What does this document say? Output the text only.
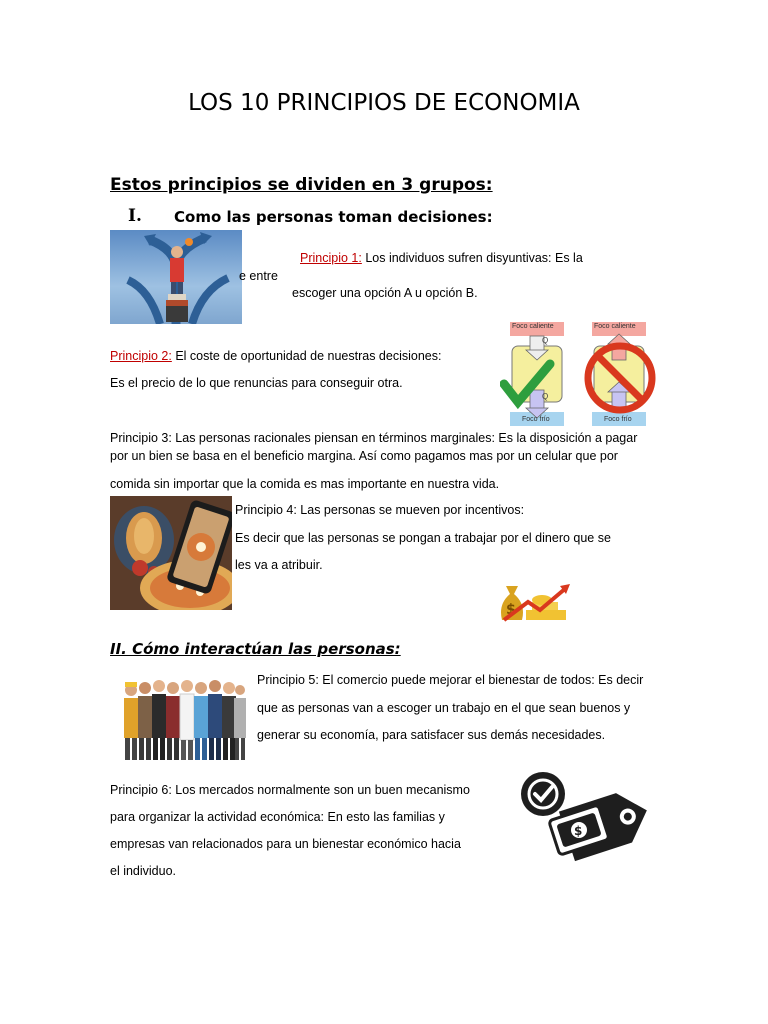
LOS 10 PRINCIPIOS DE ECONOMIA
Estos principios se dividen en 3 grupos:
I. Como las personas toman decisiones:
Principio 1: Los individuos sufren disyuntivas: Es la
e entre
escoger una opción A u opción B.
Principio 2: El coste de oportunidad de nuestras decisiones:
Es el precio de lo que renuncias para conseguir otra.
Foco caliente	Foco caliente
Foco frío	Foco frío
Q
Q
Principio 3: Las personas racionales piensan en términos marginales: Es la disposición a pagar
por un bien se basa en el beneficio margina. Así como pagamos mas por un celular que por
comida sin importar que la comida es mas importante en nuestra vida.
Principio 4: Las personas se mueven por incentivos:
Es decir que las personas se pongan a trabajar por el dinero que se
les va a atribuir.
$
II. Cómo interactúan las personas:
Principio 5: El comercio puede mejorar el bienestar de todos: Es decir
que as personas van a escoger un trabajo en el que sean buenos y
generar su economía, para satisfacer sus demás necesidades.
Principio 6: Los mercados normalmente son un buen mecanismo
para organizar la actividad económica: En esto las familias y
empresas van relacionados para un bienestar económico hacia
el individuo.
$
